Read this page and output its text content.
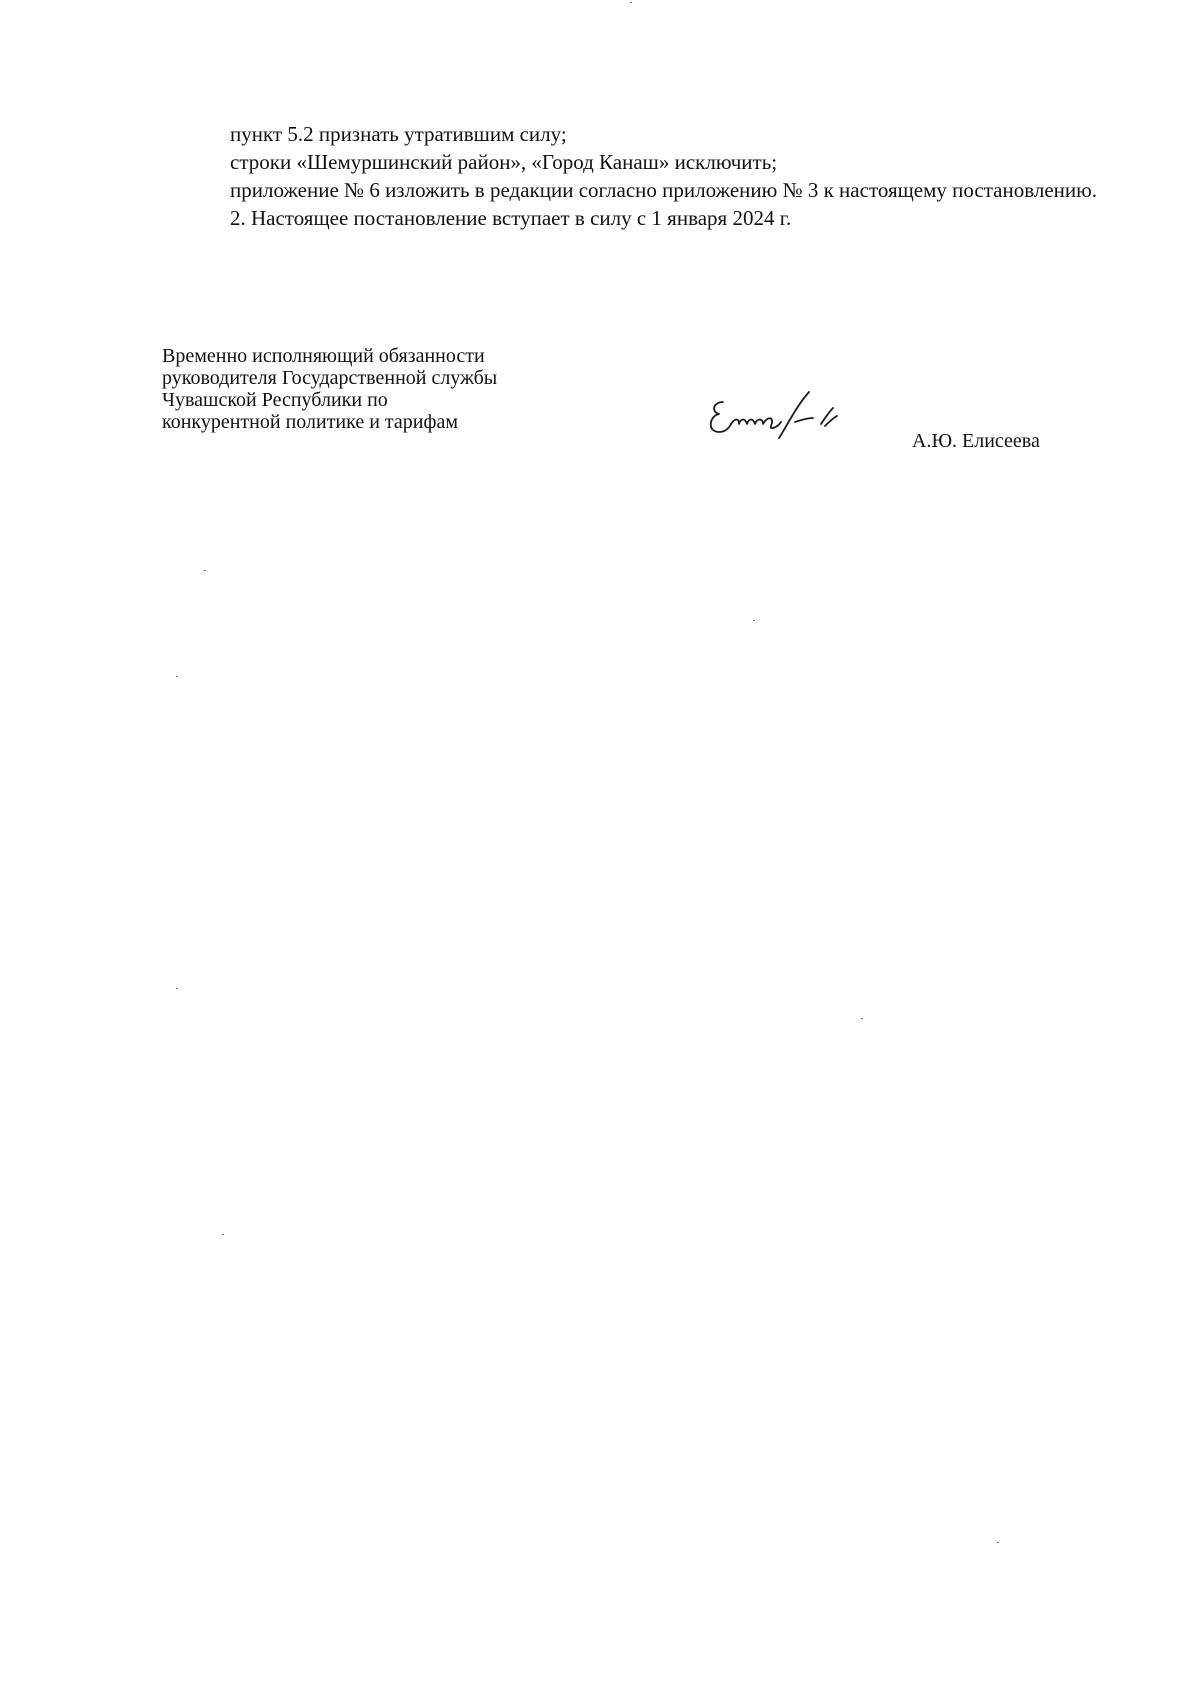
пункт 5.2 признать утратившим силу;

строки «Шемуршинский район», «Город Канаш» исключить;

приложение № 6 изложить в редакции согласно приложению № 3 к настоящему постановлению.

2. Настоящее постановление вступает в силу с 1 января 2024 г.

Временно исполняющий обязанности
руководителя Государственной службы
Чувашской Республики по
конкурентной политике и тарифам
А.Ю. Елисеева
